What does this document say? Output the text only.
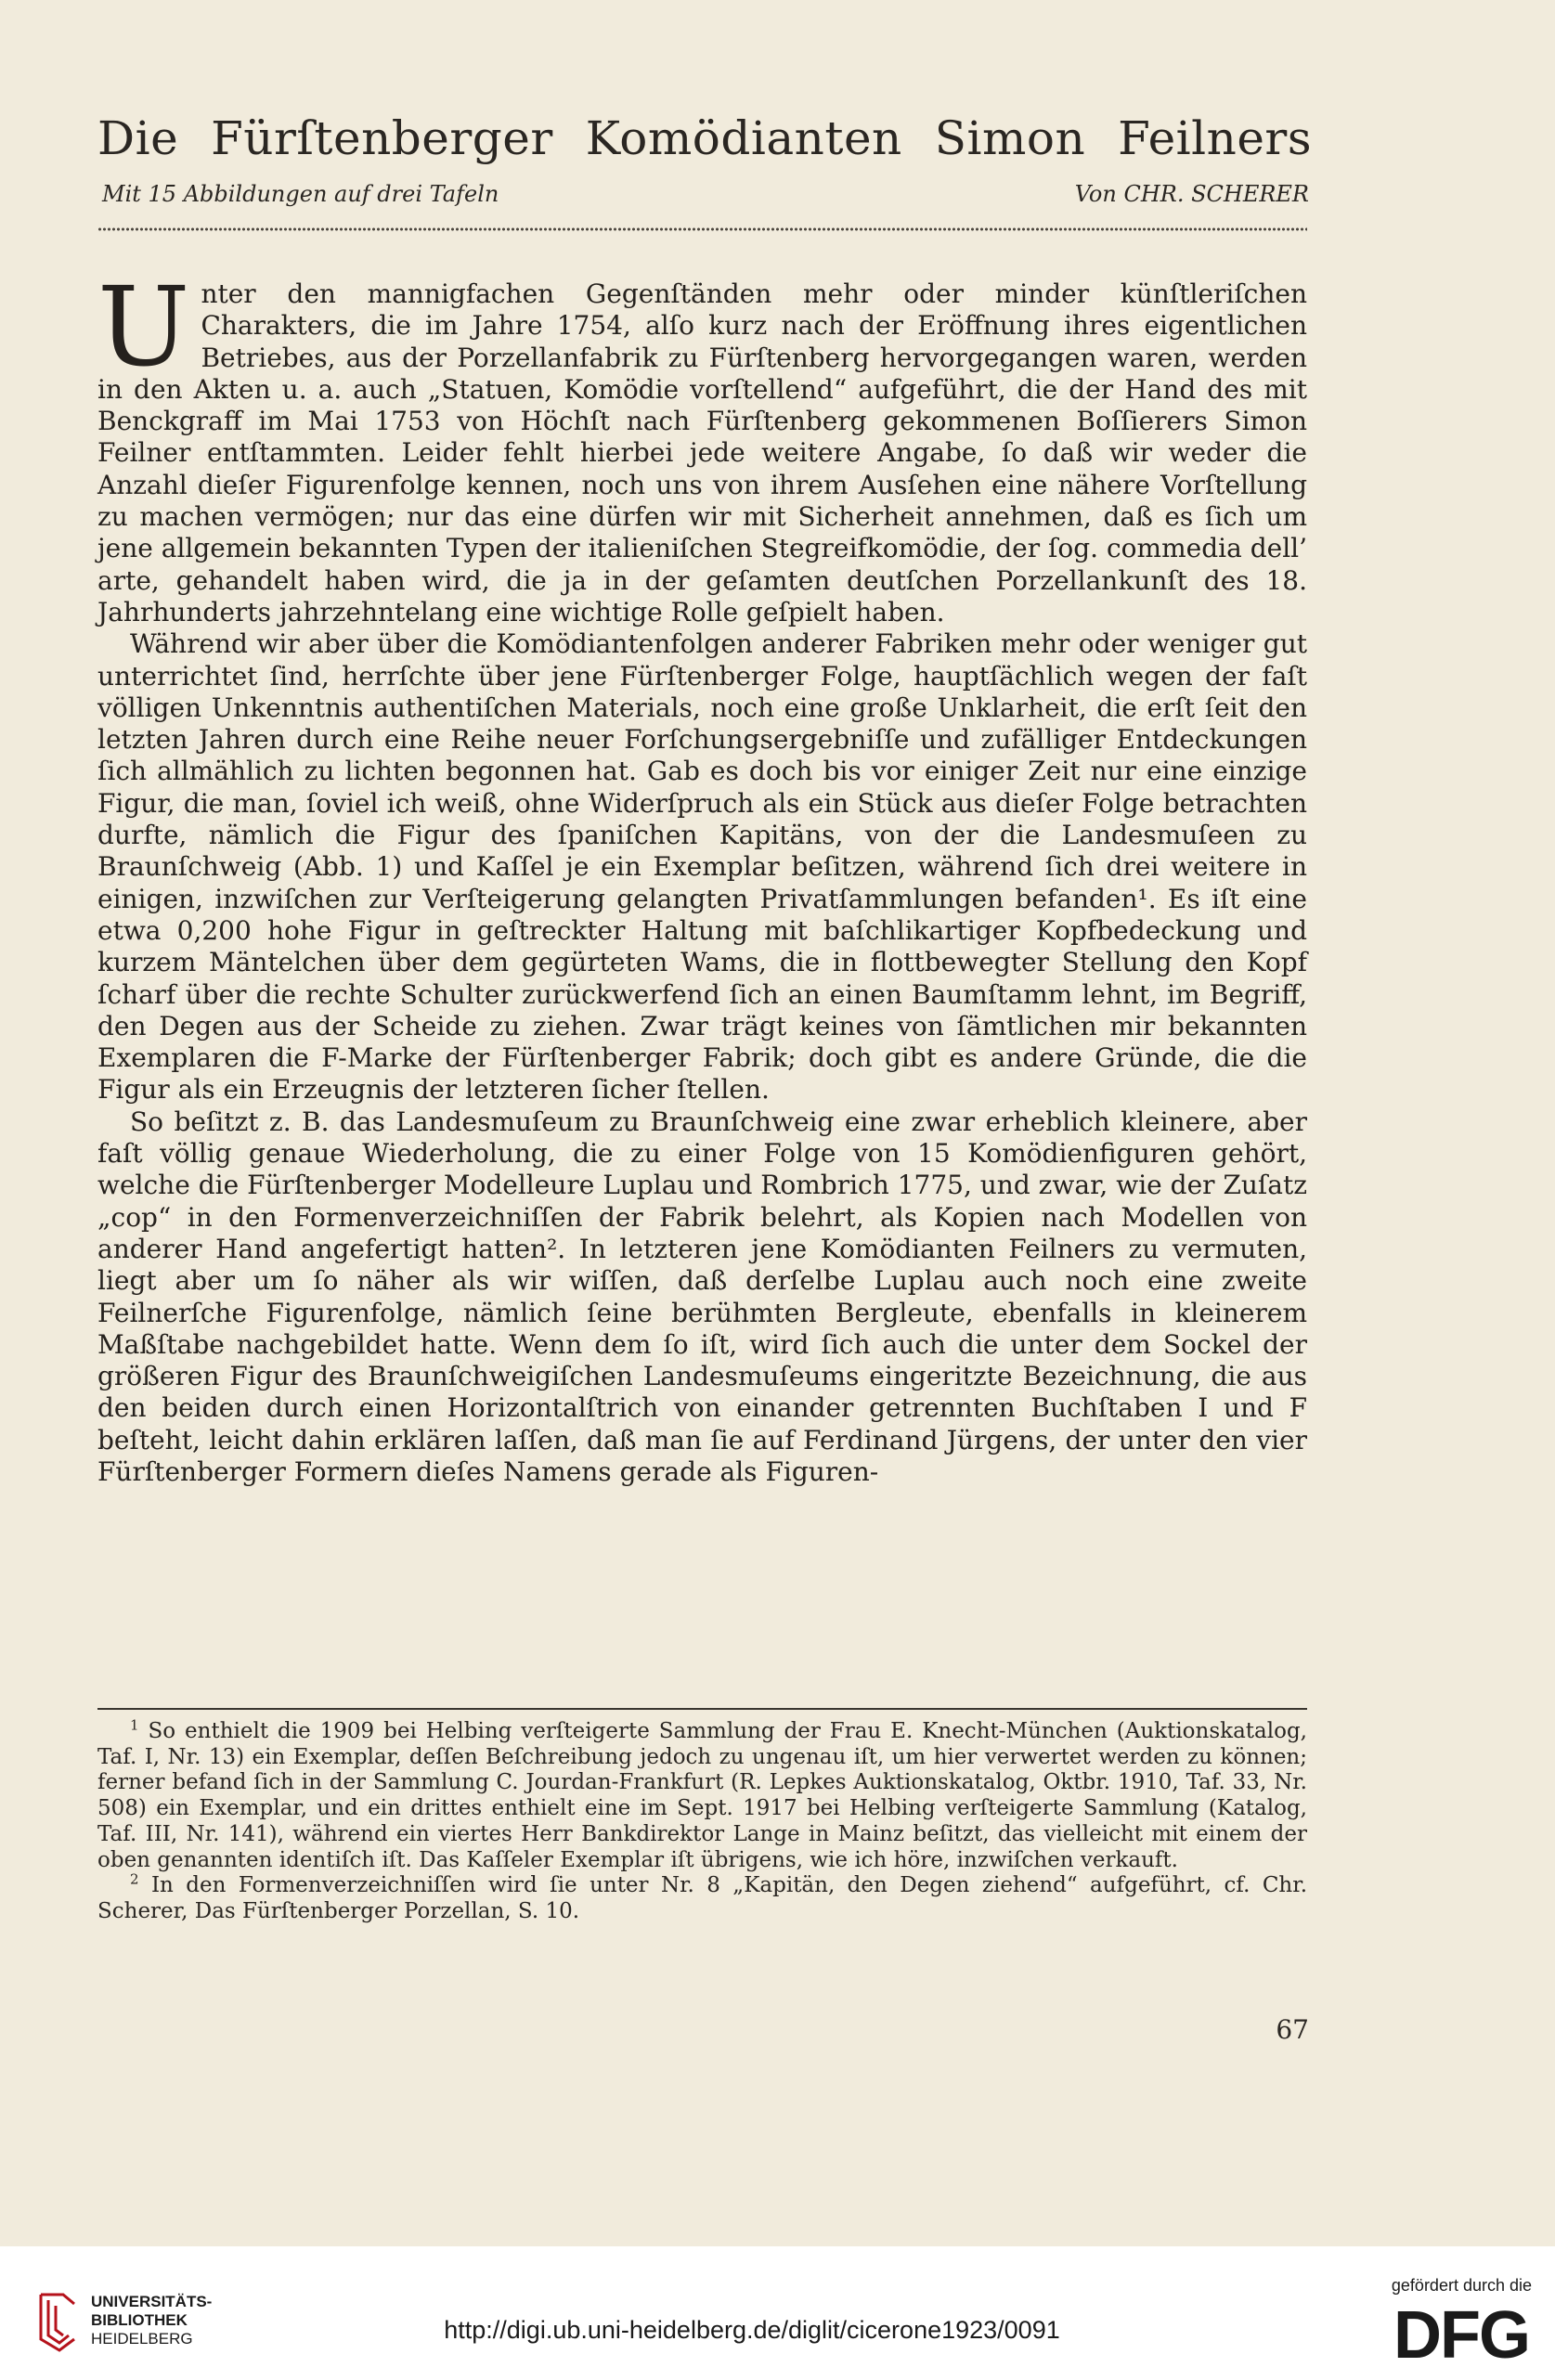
Die Fürſtenberger Komödianten Simon Feilners
Mit 15 Abbildungen auf drei Tafeln	Von CHR. SCHERER

Unter den mannigfachen Gegenſtänden mehr oder minder künſtleriſchen Charakters, die im Jahre 1754, alſo kurz nach der Eröffnung ihres eigentlichen Betriebes, aus der Porzellanfabrik zu Fürſtenberg hervorgegangen waren, werden in den Akten u. a. auch „Statuen, Komödie vorſtellend“ aufgeführt, die der Hand des mit Benckgraff im Mai 1753 von Höchſt nach Fürſtenberg gekommenen Boſſierers Simon Feilner entſtammten. Leider fehlt hierbei jede weitere Angabe, ſo daß wir weder die Anzahl dieſer Figurenfolge kennen, noch uns von ihrem Ausſehen eine nähere Vorſtellung zu machen vermögen; nur das eine dürfen wir mit Sicherheit annehmen, daß es ſich um jene allgemein bekannten Typen der italieniſchen Stegreifkomödie, der ſog. commedia dell’ arte, gehandelt haben wird, die ja in der geſamten deutſchen Porzellankunſt des 18. Jahrhunderts jahrzehntelang eine wichtige Rolle geſpielt haben.

Während wir aber über die Komödiantenfolgen anderer Fabriken mehr oder weniger gut unterrichtet ſind, herrſchte über jene Fürſtenberger Folge, hauptſächlich wegen der faſt völligen Unkenntnis authentiſchen Materials, noch eine große Unklarheit, die erſt ſeit den letzten Jahren durch eine Reihe neuer Forſchungsergebniſſe und zufälliger Entdeckungen ſich allmählich zu lichten begonnen hat. Gab es doch bis vor einiger Zeit nur eine einzige Figur, die man, ſoviel ich weiß, ohne Widerſpruch als ein Stück aus dieſer Folge betrachten durfte, nämlich die Figur des ſpaniſchen Kapitäns, von der die Landesmuſeen zu Braunſchweig (Abb. 1) und Kaſſel je ein Exemplar beſitzen, während ſich drei weitere in einigen, inzwiſchen zur Verſteigerung gelangten Privatſammlungen befanden¹. Es iſt eine etwa 0,200 hohe Figur in geſtreckter Haltung mit baſchlikartiger Kopfbedeckung und kurzem Mäntelchen über dem gegürteten Wams, die in flottbewegter Stellung den Kopf ſcharf über die rechte Schulter zurückwerfend ſich an einen Baumſtamm lehnt, im Begriff, den Degen aus der Scheide zu ziehen. Zwar trägt keines von ſämtlichen mir bekannten Exemplaren die F-Marke der Fürſtenberger Fabrik; doch gibt es andere Gründe, die die Figur als ein Erzeugnis der letzteren ſicher ſtellen.

So beſitzt z. B. das Landesmuſeum zu Braunſchweig eine zwar erheblich kleinere, aber faſt völlig genaue Wiederholung, die zu einer Folge von 15 Komödienfiguren gehört, welche die Fürſtenberger Modelleure Luplau und Rombrich 1775, und zwar, wie der Zuſatz „cop“ in den Formenverzeichniſſen der Fabrik belehrt, als Kopien nach Modellen von anderer Hand angefertigt hatten². In letzteren jene Komödianten Feilners zu vermuten, liegt aber um ſo näher als wir wiſſen, daß derſelbe Luplau auch noch eine zweite Feilnerſche Figurenfolge, nämlich ſeine berühmten Bergleute, ebenfalls in kleinerem Maßſtabe nachgebildet hatte. Wenn dem ſo iſt, wird ſich auch die unter dem Sockel der größeren Figur des Braunſchweigiſchen Landesmuſeums eingeritzte Bezeichnung, die aus den beiden durch einen Horizontalſtrich von einander getrennten Buchſtaben I und F beſteht, leicht dahin erklären laſſen, daß man ſie auf Ferdinand Jürgens, der unter den vier Fürſtenberger Formern dieſes Namens gerade als Figuren-

$^1$ So enthielt die 1909 bei Helbing verſteigerte Sammlung der Frau E. Knecht-München (Auktionskatalog, Taf. I, Nr. 13) ein Exemplar, deſſen Beſchreibung jedoch zu ungenau iſt, um hier verwertet werden zu können; ferner befand ſich in der Sammlung C. Jourdan-Frankfurt (R. Lepkes Auktionskatalog, Oktbr. 1910, Taf. 33, Nr. 508) ein Exemplar, und ein drittes enthielt eine im Sept. 1917 bei Helbing verſteigerte Sammlung (Katalog, Taf. III, Nr. 141), während ein viertes Herr Bankdirektor Lange in Mainz beſitzt, das vielleicht mit einem der oben genannten identiſch iſt. Das Kaſſeler Exemplar iſt übrigens, wie ich höre, inzwiſchen verkauft.

$^2$ In den Formenverzeichniſſen wird ſie unter Nr. 8 „Kapitän, den Degen ziehend“ aufgeführt, cf. Chr. Scherer, Das Fürſtenberger Porzellan, S. 10.

67
UNIVERSITÄTS-
BIBLIOTHEK
HEIDELBERG	http://digi.ub.uni-heidelberg.de/diglit/cicerone1923/0091
gefördert durch die
DFG
